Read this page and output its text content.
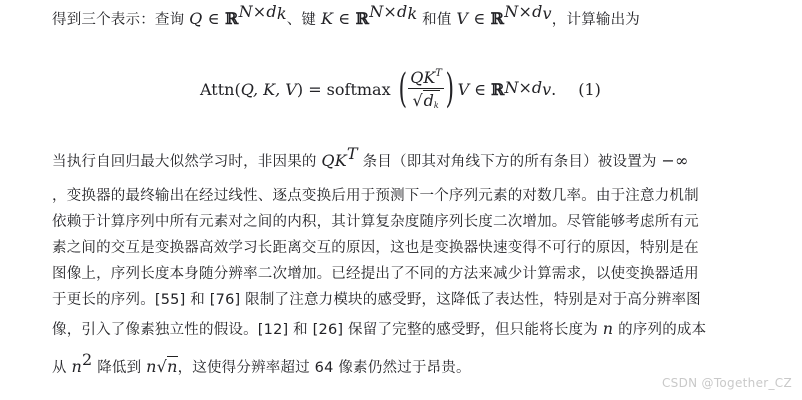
得到三个表示：查询 Q ∈ ℝ$^{N\times d_k}$、键 K ∈ ℝ$^{N\times d_k}$ 和值 V ∈ ℝ$^{N\times d_v}$，计算输出为
Attn( Q, K, V ) = softmax ( $\frac{QK^T}{√d_k}$ ) V ∈ ℝ $N\times d_v$ . (1)
当执行自回归最大似然学习时，非因果的 $QK^T$ 条目（即其对角线下方的所有条目）被设置为 −∞
，变换器的最终输出在经过线性、逐点变换后用于预测下一个序列元素的对数几率。由于注意力机制
依赖于计算序列中所有元素对之间的内积，其计算复杂度随序列长度二次增加。尽管能够考虑所有元
素之间的交互是变换器高效学习长距离交互的原因，这也是变换器快速变得不可行的原因，特别是在
图像上，序列长度本身随分辨率二次增加。已经提出了不同的方法来减少计算需求，以使变换器适用
于更长的序列。[55] 和 [76] 限制了注意力模块的感受野，这降低了表达性，特别是对于高分辨率图
像，引入了像素独立性的假设。[12] 和 [26] 保留了完整的感受野，但只能将长度为 n 的序列的成本
从 $n^2$ 降低到 n√n，这使得分辨率超过 64 像素仍然过于昂贵。
CSDN @Together_CZ
